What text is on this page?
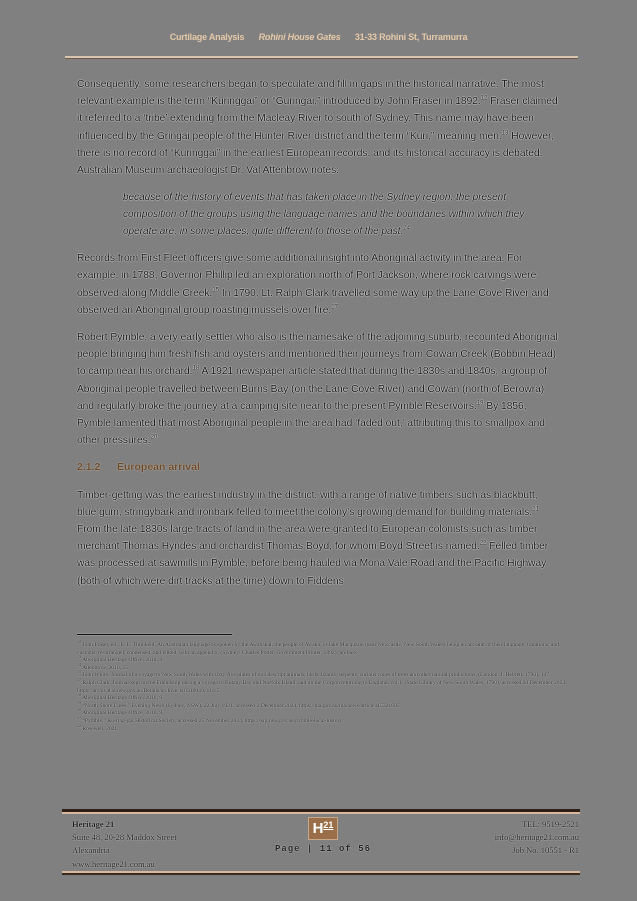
Curtilage Analysis Rohini House Gates 31-33 Rohini St, Turramurra

Consequently, some researchers began to speculate and fill in gaps in the historical narrative. The most relevant example is the term “Kuringgai” or “Guringai,” introduced by John Fraser in 1892.12 Fraser claimed it referred to a ‘tribe’ extending from the Macleay River to south of Sydney. This name may have been influenced by the Gringai people of the Hunter River district and the term “Kuri,” meaning men.$^{13}$ However, there is no record of “Kuringgai” in the earliest European records, and its historical accuracy is debated. Australian Museum archaeologist Dr. Val Attenbrow notes:

because of the history of events that has taken place in the Sydney region, the present composition of the groups using the language names and the boundaries within which they operate are, in some places, quite different to those of the past.$^{14}$

Records from First Fleet officers give some additional insight into Aboriginal activity in the area. For example, in 1788, Governor Phillip led an exploration north of Port Jackson, where rock carvings were observed along Middle Creek.$^{15}$ In 1790, Lt. Ralph Clark travelled some way up the Lane Cove River and observed an Aboriginal group roasting mussels over fire.$^{17}$

Robert Pymble, a very early settler who also is the namesake of the adjoining suburb, recounted Aboriginal people bringing him fresh fish and oysters and mentioned their journeys from Cowan Creek (Bobbin Head) to camp near his orchard.$^{18}$ A 1921 newspaper article stated that during the 1830s and 1840s, a group of Aboriginal people travelled between Burns Bay (on the Lane Cove River) and Cowan (north of Berowra) and regularly broke the journey at a camping site near to the present Pymble Reservoirs.$^{19}$ By 1856, Pymble lamented that most Aboriginal people in the area had ‘faded out,’ attributing this to smallpox and other pressures.$^{20}$

2.1.2 European arrival

Timber-getting was the earliest industry in the district, with a range of native timbers such as blackbutt, blue gum, stringybark and ironbark felled to meet the colony’s growing demand for building materials.$^{21}$ From the late 1830s large tracts of land in the area were granted to European colonists such as timber merchant Thomas Hyndes and orchardist Thomas Boyd, for whom Boyd Street is named.$^{22}$ Felled timber was processed at sawmills in Pymble, before being hauled via Mona Vale Road and the Pacific Highway (both of which were dirt tracks at the time) down to Fiddens

$^{12}$ John Fraser, ed., L. E. Threlkeld, An Australian language as spoken by the Awabakal, the people of Awaba, or lake Macquarie (near Newcastle, New South Wales) being an account of their language, traditions, and customs, re-arranged, condensed, and edited, with an appendix, (Sydney: Charles Potter, Government Printer, 1892), preface.
$^{13}$ Aboriginal Heritage Office, 2018, 8.
$^{14}$ Attenbrow, 2010, 25.
$^{15}$ John White, Journal of a voyage to New South Wales with sixty-five plates of non descript animals, birds, lizards, serpents, curious cones of trees and other natural productions, (London: J. Debrett, 1790), 147.
$^{17}$ Ralph Clark, Journal kept on the Friendship during a voyage to Botany Bay and Norfolk Island; and on the Gorgon returning to England, vol.1, (State Library of New South Wales, 1790), accessed 20 December 2024, https://archival.sl.nsw.gov.au/Details/archive/110319049, 114-5.
$^{18}$ Aboriginal Heritage Office, 2018, 9.
$^{19}$ “North Shore Lines,” Evening News (Sydney, NSW), 22 July 1921, accessed 2 December 2024, https://nla.gov.au/nla.news-article115321605.
$^{20}$ Aboriginal Heritage Office, 2018, 9.
$^{21}$ “Pymble,” Ku-ring-gai Historical Society, accessed 25 November 2024, https://krg.nsw.gov.au/pymble-local-history/.
$^{22}$ Rosewell, 2021.
Heritage 21
Suite 48, 20-28 Maddox Street
Alexandria
www.heritage21.com.au
$H^{21}$
Page | 11 of 56
TEL: 9519-2521
info@heritage21.com.au
Job No. 10551 - R1
